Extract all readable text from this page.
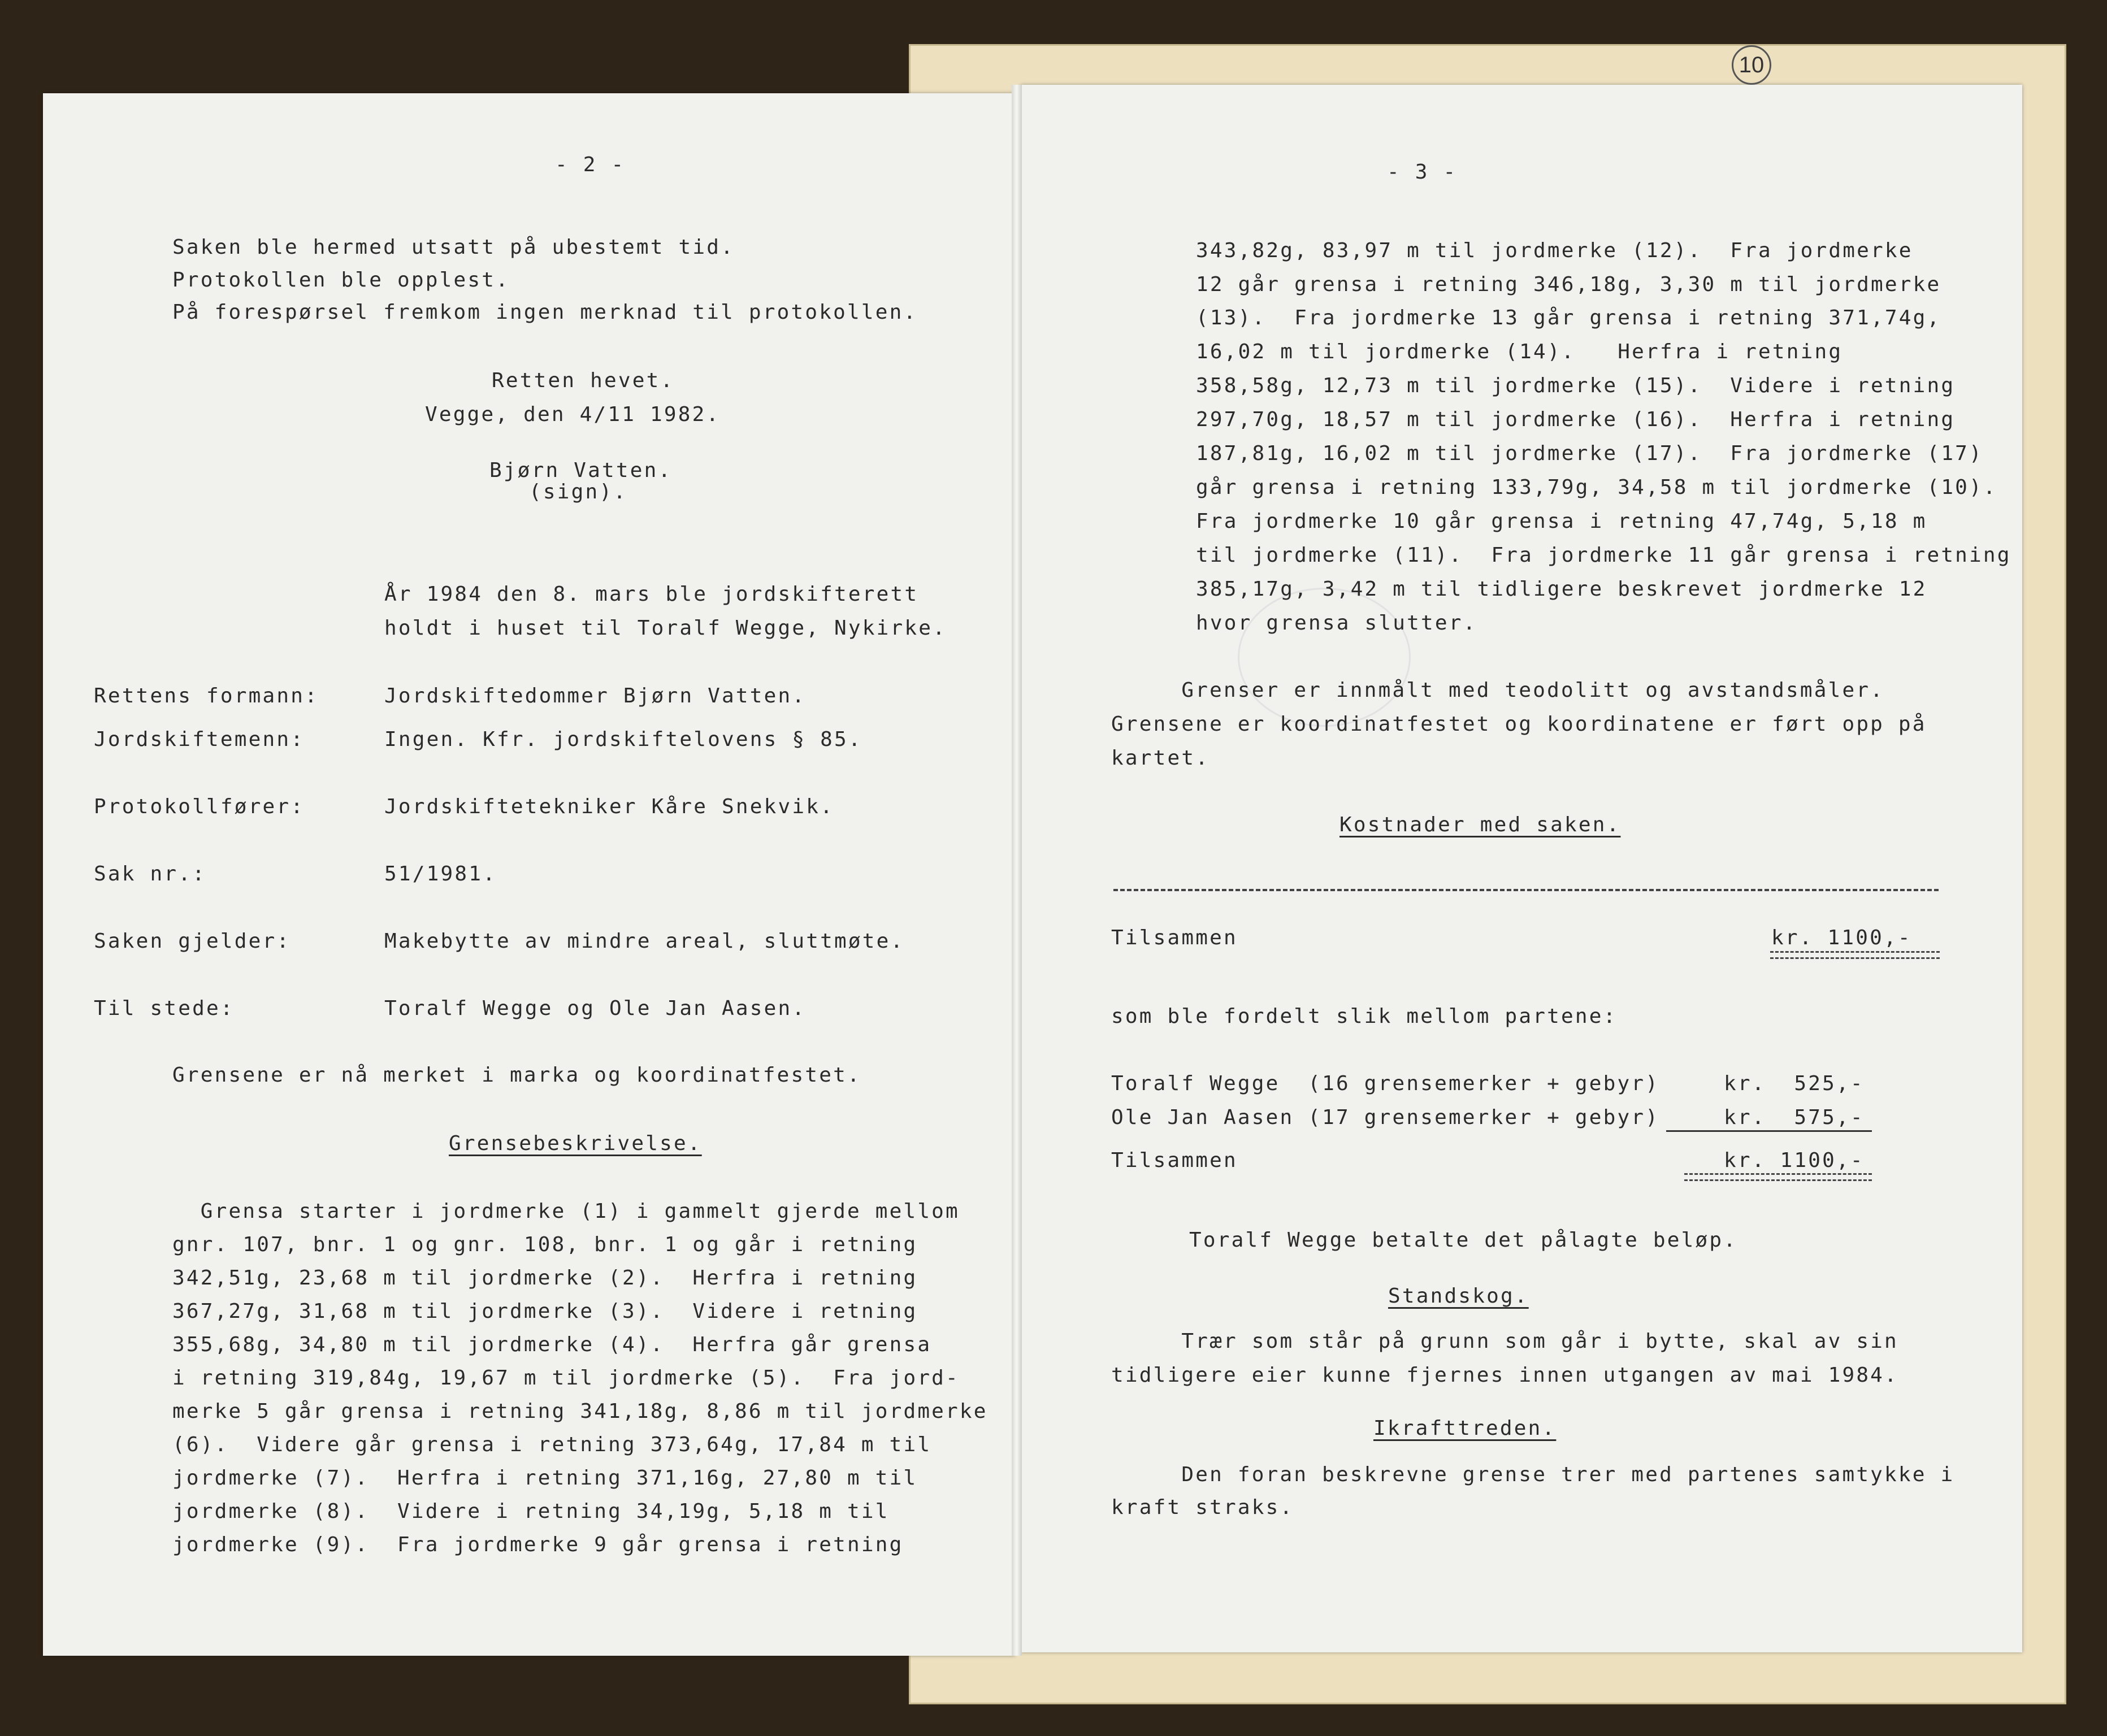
10
- 2 -
Saken ble hermed utsatt på ubestemt tid.
Protokollen ble opplest.
På forespørsel fremkom ingen merknad til protokollen.
Retten hevet.
Vegge, den 4/11 1982.
Bjørn Vatten.
(sign).
År 1984 den 8. mars ble jordskifterett
holdt i huset til Toralf Wegge, Nykirke.
Rettens formann:	Jordskiftedommer Bjørn Vatten.
Jordskiftemenn:	Ingen. Kfr. jordskiftelovens § 85.
Protokollfører:	Jordskiftetekniker Kåre Snekvik.
Sak nr.:	51/1981.
Saken gjelder:	Makebytte av mindre areal, sluttmøte.
Til stede:	Toralf Wegge og Ole Jan Aasen.
Grensene er nå merket i marka og koordinatfestet.
Grensebeskrivelse.
Grensa starter i jordmerke (1) i gammelt gjerde mellom
gnr. 107, bnr. 1 og gnr. 108, bnr. 1 og går i retning
342,51g, 23,68 m til jordmerke (2).  Herfra i retning
367,27g, 31,68 m til jordmerke (3).  Videre i retning
355,68g, 34,80 m til jordmerke (4).  Herfra går grensa
i retning 319,84g, 19,67 m til jordmerke (5).  Fra jord-
merke 5 går grensa i retning 341,18g, 8,86 m til jordmerke
(6).  Videre går grensa i retning 373,64g, 17,84 m til
jordmerke (7).  Herfra i retning 371,16g, 27,80 m til
jordmerke (8).  Videre i retning 34,19g, 5,18 m til
jordmerke (9).  Fra jordmerke 9 går grensa i retning
- 3 -
343,82g, 83,97 m til jordmerke (12).  Fra jordmerke
12 går grensa i retning 346,18g, 3,30 m til jordmerke
(13).  Fra jordmerke 13 går grensa i retning 371,74g,
16,02 m til jordmerke (14).   Herfra i retning
358,58g, 12,73 m til jordmerke (15).  Videre i retning
297,70g, 18,57 m til jordmerke (16).  Herfra i retning
187,81g, 16,02 m til jordmerke (17).  Fra jordmerke (17)
går grensa i retning 133,79g, 34,58 m til jordmerke (10).
Fra jordmerke 10 går grensa i retning 47,74g, 5,18 m
til jordmerke (11).  Fra jordmerke 11 går grensa i retning
385,17g, 3,42 m til tidligere beskrevet jordmerke 12
hvor grensa slutter.
Grenser er innmålt med teodolitt og avstandsmåler.
Grensene er koordinatfestet og koordinatene er ført opp på
kartet.
Kostnader med saken.
Tilsammen	kr. 1100,-
som ble fordelt slik mellom partene:
Toralf Wegge  (16 grensemerker + gebyr)	kr.  525,-
Ole Jan Aasen (17 grensemerker + gebyr)	kr.  575,-
Tilsammen	kr. 1100,-
Toralf Wegge betalte det pålagte beløp.
Standskog.
Trær som står på grunn som går i bytte, skal av sin
tidligere eier kunne fjernes innen utgangen av mai 1984.
Ikrafttreden.
Den foran beskrevne grense trer med partenes samtykke i
kraft straks.
